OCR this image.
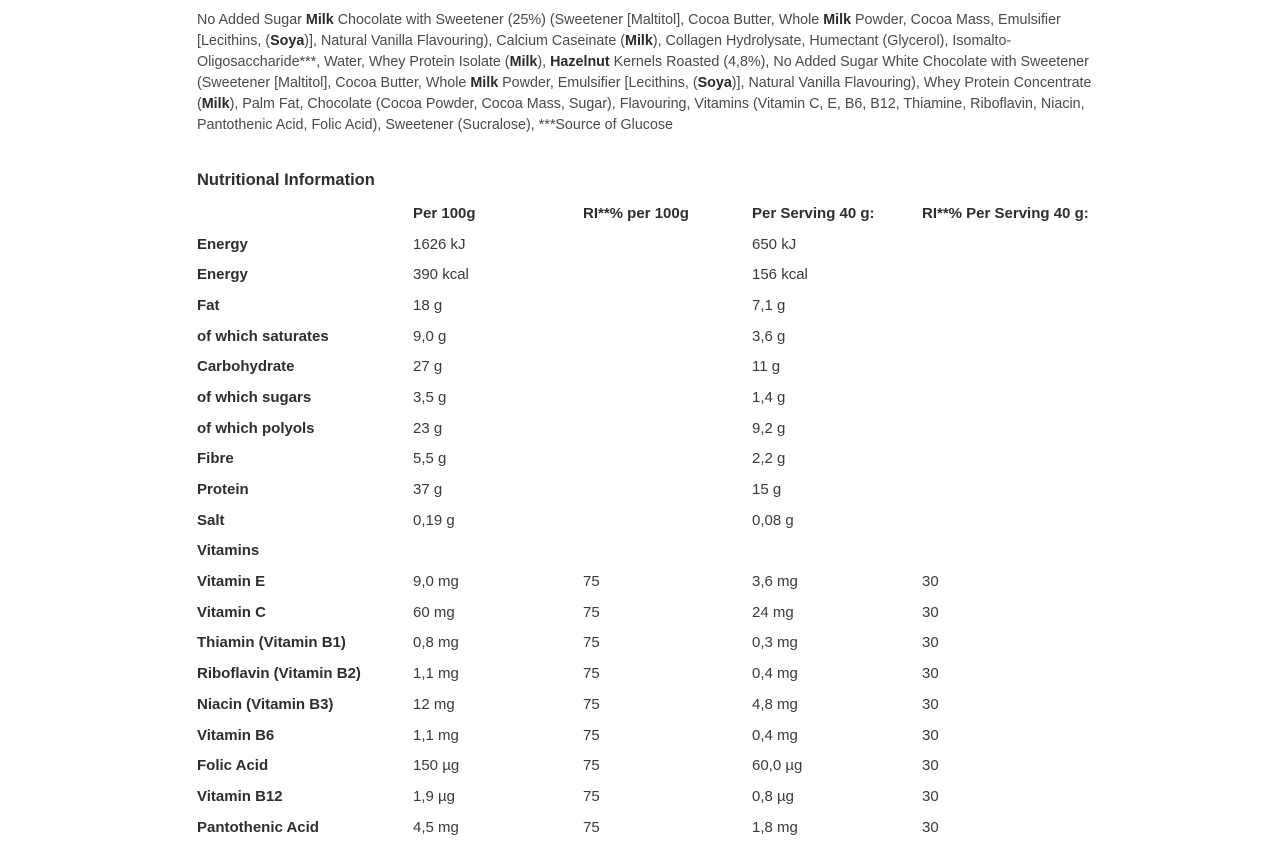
No Added Sugar Milk Chocolate with Sweetener (25%) (Sweetener [Maltitol], Cocoa Butter, Whole Milk Powder, Cocoa Mass, Emulsifier [Lecithins, (Soya)], Natural Vanilla Flavouring), Calcium Caseinate (Milk), Collagen Hydrolysate, Humectant (Glycerol), Isomalto-Oligosaccharide***, Water, Whey Protein Isolate (Milk), Hazelnut Kernels Roasted (4,8%), No Added Sugar White Chocolate with Sweetener (Sweetener [Maltitol], Cocoa Butter, Whole Milk Powder, Emulsifier [Lecithins, (Soya)], Natural Vanilla Flavouring), Whey Protein Concentrate (Milk), Palm Fat, Chocolate (Cocoa Powder, Cocoa Mass, Sugar), Flavouring, Vitamins (Vitamin C, E, B6, B12, Thiamine, Riboflavin, Niacin, Pantothenic Acid, Folic Acid), Sweetener (Sucralose), ***Source of Glucose

Nutritional Information
	Per 100g	RI**% per 100g	Per Serving 40 g:	RI**% Per Serving 40 g:
Energy	1626 kJ		650 kJ	
Energy	390 kcal		156 kcal	
Fat	18 g		7,1 g	
of which saturates	9,0 g		3,6 g	
Carbohydrate	27 g		11 g	
of which sugars	3,5 g		1,4 g	
of which polyols	23 g		9,2 g	
Fibre	5,5 g		2,2 g	
Protein	37 g		15 g	
Salt	0,19 g		0,08 g	
Vitamins				
Vitamin E	9,0 mg	75	3,6 mg	30
Vitamin C	60 mg	75	24 mg	30
Thiamin (Vitamin B1)	0,8 mg	75	0,3 mg	30
Riboflavin (Vitamin B2)	1,1 mg	75	0,4 mg	30
Niacin (Vitamin B3)	12 mg	75	4,8 mg	30
Vitamin B6	1,1 mg	75	0,4 mg	30
Folic Acid	150 µg	75	60,0 µg	30
Vitamin B12	1,9 µg	75	0,8 µg	30
Pantothenic Acid	4,5 mg	75	1,8 mg	30
